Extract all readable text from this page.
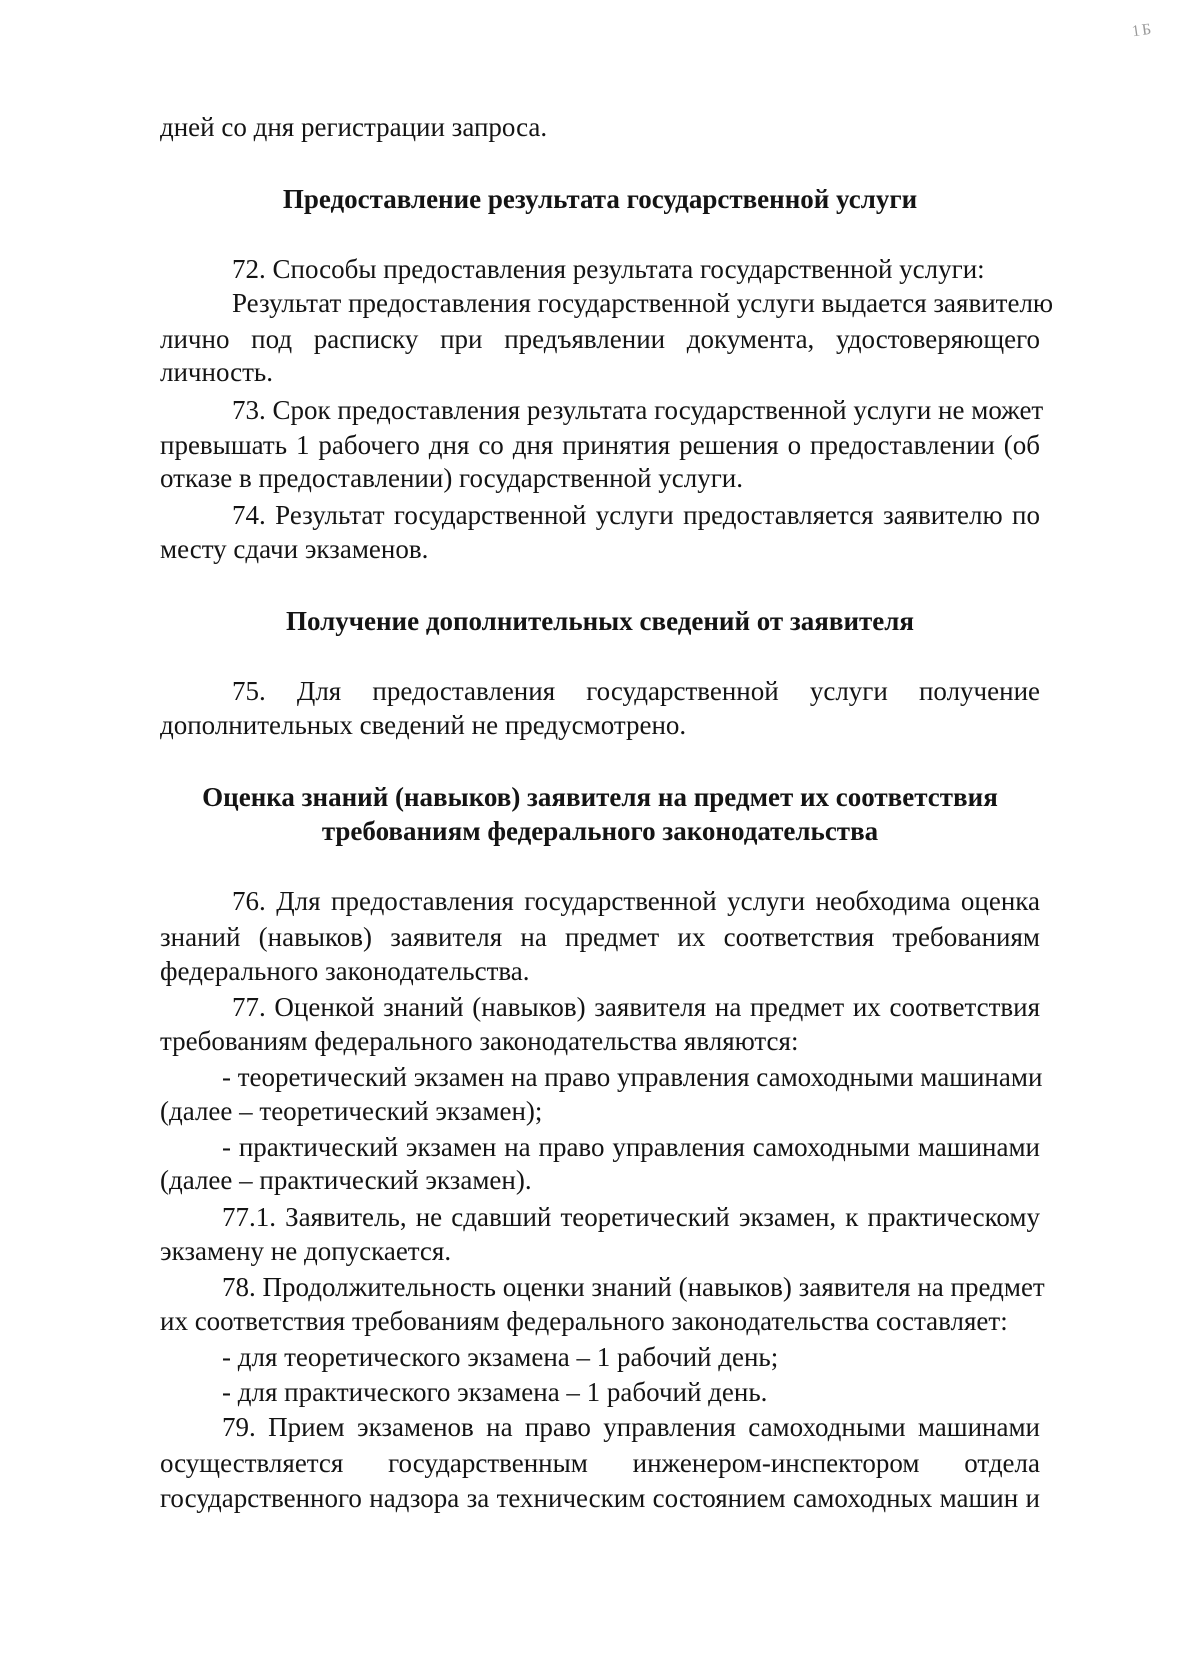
1Б
дней со дня регистрации запроса.
Предоставление результата государственной услуги
72. Способы предоставления результата государственной услуги:
Результат предоставления государственной услуги выдается заявителю
лично под расписку при предъявлении документа, удостоверяющего
личность.
73. Срок предоставления результата государственной услуги не может
превышать 1 рабочего дня со дня принятия решения о предоставлении (об
отказе в предоставлении) государственной услуги.
74. Результат государственной услуги предоставляется заявителю по
месту сдачи экзаменов.
Получение дополнительных сведений от заявителя
75. Для предоставления государственной услуги получение
дополнительных сведений не предусмотрено.
Оценка знаний (навыков) заявителя на предмет их соответствия
требованиям федерального законодательства
76. Для предоставления государственной услуги необходима оценка
знаний (навыков) заявителя на предмет их соответствия требованиям
федерального законодательства.
77. Оценкой знаний (навыков) заявителя на предмет их соответствия
требованиям федерального законодательства являются:
- теоретический экзамен на право управления самоходными машинами
(далее – теоретический экзамен);
- практический экзамен на право управления самоходными машинами
(далее – практический экзамен).
77.1. Заявитель, не сдавший теоретический экзамен, к практическому
экзамену не допускается.
78. Продолжительность оценки знаний (навыков) заявителя на предмет
их соответствия требованиям федерального законодательства составляет:
- для теоретического экзамена – 1 рабочий день;
- для практического экзамена – 1 рабочий день.
79. Прием экзаменов на право управления самоходными машинами
осуществляется государственным инженером-инспектором отдела
государственного надзора за техническим состоянием самоходных машин и
